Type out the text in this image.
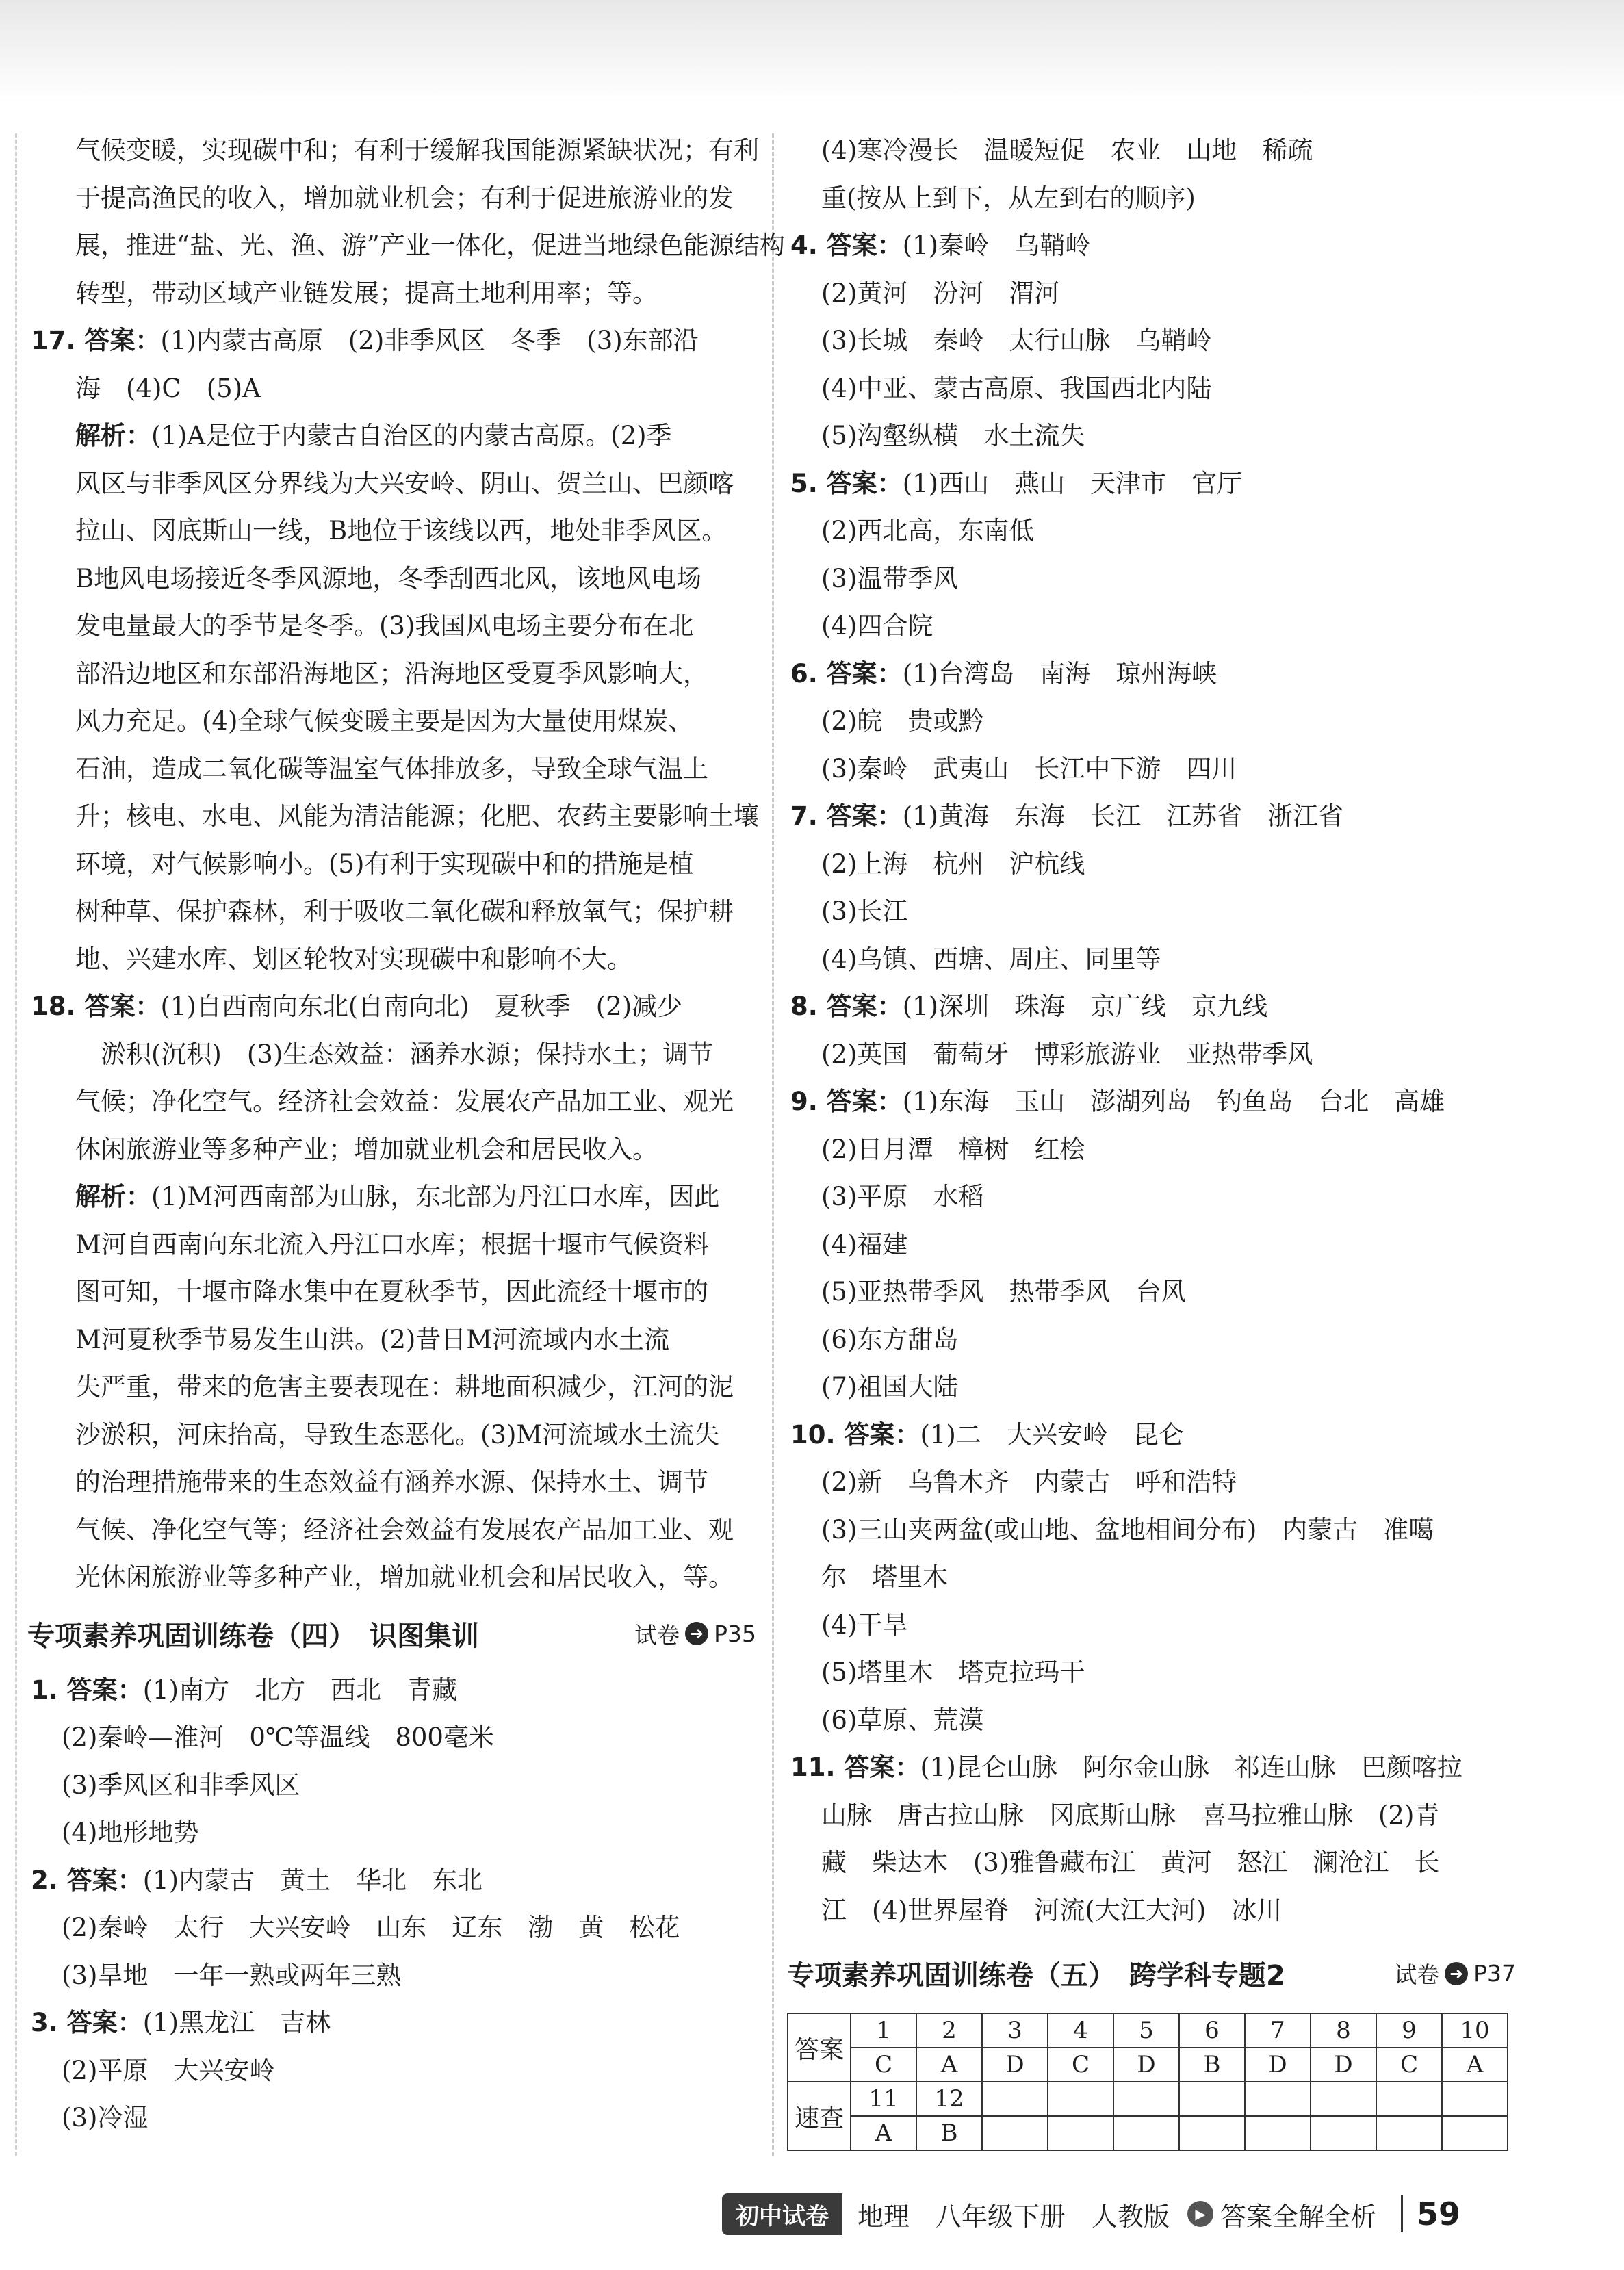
气候变暖，实现碳中和；有利于缓解我国能源紧缺状况；有利
于提高渔民的收入，增加就业机会；有利于促进旅游业的发
展，推进“盐、光、渔、游”产业一体化，促进当地绿色能源结构
转型，带动区域产业链发展；提高土地利用率；等。
17. 答案：(1)内蒙古高原　(2)非季风区　冬季　(3)东部沿
海　(4)C　(5)A
解析：(1)A是位于内蒙古自治区的内蒙古高原。(2)季
风区与非季风区分界线为大兴安岭、阴山、贺兰山、巴颜喀
拉山、冈底斯山一线，B地位于该线以西，地处非季风区。
B地风电场接近冬季风源地，冬季刮西北风，该地风电场
发电量最大的季节是冬季。(3)我国风电场主要分布在北
部沿边地区和东部沿海地区；沿海地区受夏季风影响大，
风力充足。(4)全球气候变暖主要是因为大量使用煤炭、
石油，造成二氧化碳等温室气体排放多，导致全球气温上
升；核电、水电、风能为清洁能源；化肥、农药主要影响土壤
环境，对气候影响小。(5)有利于实现碳中和的措施是植
树种草、保护森林，利于吸收二氧化碳和释放氧气；保护耕
地、兴建水库、划区轮牧对实现碳中和影响不大。
18. 答案：(1)自西南向东北(自南向北)　夏秋季　(2)减少
　淤积(沉积)　(3)生态效益：涵养水源；保持水土；调节
气候；净化空气。经济社会效益：发展农产品加工业、观光
休闲旅游业等多种产业；增加就业机会和居民收入。
解析：(1)M河西南部为山脉，东北部为丹江口水库，因此
M河自西南向东北流入丹江口水库；根据十堰市气候资料
图可知，十堰市降水集中在夏秋季节，因此流经十堰市的
M河夏秋季节易发生山洪。(2)昔日M河流域内水土流
失严重，带来的危害主要表现在：耕地面积减少，江河的泥
沙淤积，河床抬高，导致生态恶化。(3)M河流域水土流失
的治理措施带来的生态效益有涵养水源、保持水土、调节
气候、净化空气等；经济社会效益有发展农产品加工业、观
光休闲旅游业等多种产业，增加就业机会和居民收入，等。
专项素养巩固训练卷（四）　识图集训	试卷 ➜ P35
1. 答案：(1)南方　北方　西北　青藏
(2)秦岭—淮河　0℃等温线　800毫米
(3)季风区和非季风区
(4)地形地势
2. 答案：(1)内蒙古　黄土　华北　东北
(2)秦岭　太行　大兴安岭　山东　辽东　渤　黄　松花
(3)旱地　一年一熟或两年三熟
3. 答案：(1)黑龙江　吉林
(2)平原　大兴安岭
(3)冷湿
(4)寒冷漫长　温暖短促　农业　山地　稀疏
重(按从上到下，从左到右的顺序)
4. 答案：(1)秦岭　乌鞘岭
(2)黄河　汾河　渭河
(3)长城　秦岭　太行山脉　乌鞘岭
(4)中亚、蒙古高原、我国西北内陆
(5)沟壑纵横　水土流失
5. 答案：(1)西山　燕山　天津市　官厅
(2)西北高，东南低
(3)温带季风
(4)四合院
6. 答案：(1)台湾岛　南海　琼州海峡
(2)皖　贵或黔
(3)秦岭　武夷山　长江中下游　四川
7. 答案：(1)黄海　东海　长江　江苏省　浙江省
(2)上海　杭州　沪杭线
(3)长江
(4)乌镇、西塘、周庄、同里等
8. 答案：(1)深圳　珠海　京广线　京九线
(2)英国　葡萄牙　博彩旅游业　亚热带季风
9. 答案：(1)东海　玉山　澎湖列岛　钓鱼岛　台北　高雄
(2)日月潭　樟树　红桧
(3)平原　水稻
(4)福建
(5)亚热带季风　热带季风　台风
(6)东方甜岛
(7)祖国大陆
10. 答案：(1)二　大兴安岭　昆仑
(2)新　乌鲁木齐　内蒙古　呼和浩特
(3)三山夹两盆(或山地、盆地相间分布)　内蒙古　准噶
尔　塔里木
(4)干旱
(5)塔里木　塔克拉玛干
(6)草原、荒漠
11. 答案：(1)昆仑山脉　阿尔金山脉　祁连山脉　巴颜喀拉
山脉　唐古拉山脉　冈底斯山脉　喜马拉雅山脉　(2)青
藏　柴达木　(3)雅鲁藏布江　黄河　怒江　澜沧江　长
江　(4)世界屋脊　河流(大江大河)　冰川
专项素养巩固训练卷（五）　跨学科专题2	试卷 ➜ P37
答案	1	2	3	4	5	6	7	8	9	10
	C	A	D	C	D	B	D	D	C	A
速查	11	12								
	A	B								
初中试卷	地理　八年级下册　人教版	▶ 答案全解全析	59
